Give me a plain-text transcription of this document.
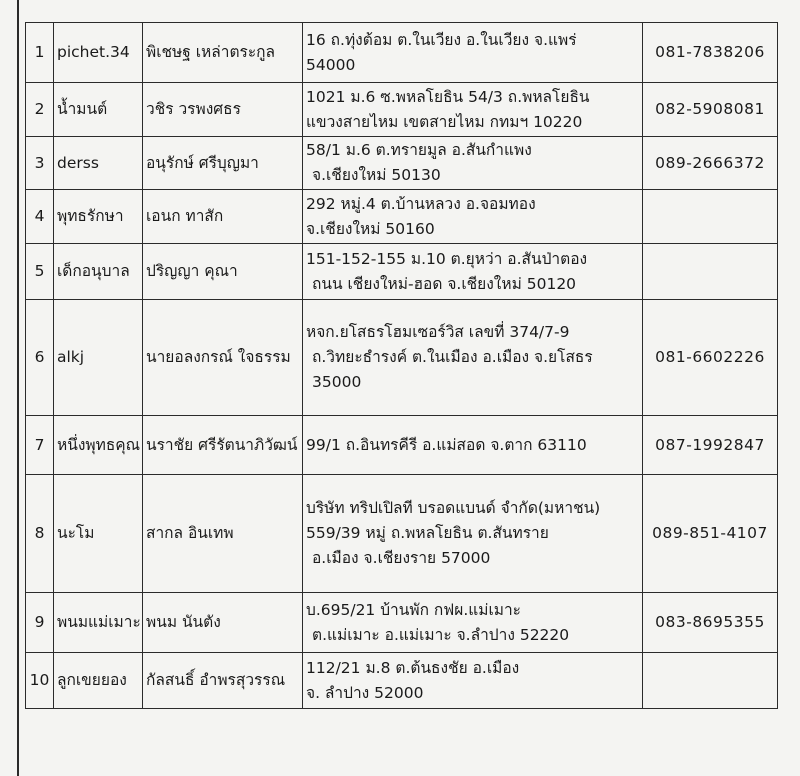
1	pichet.34	พิเชษฐ เหล่าตระกูล	16 ถ.ทุ่งต้อม ต.ในเวียง อ.ในเวียง จ.แพร่
54000	081-7838206
2	น้ำมนต์	วชิร วรพงศธร	1021 ม.6 ซ.พหลโยธิน 54/3 ถ.พหลโยธิน
แขวงสายไหม เขตสายไหม กทมฯ 10220	082-5908081
3	derss	อนุรักษ์ ศรีบุญมา	58/1 ม.6 ต.ทรายมูล อ.สันกำแพง
จ.เชียงใหม่ 50130	089-2666372
4	พุทธรักษา	เอนก ทาสัก	292 หมู่.4 ต.บ้านหลวง อ.จอมทอง
จ.เชียงใหม่ 50160	

5	เด็กอนุบาล	ปริญญา คุณา	151-152-155 ม.10 ต.ยุหว่า อ.สันป่าตอง
ถนน เชียงใหม่-ฮอด จ.เชียงใหม่ 50120	

6	alkj	นายอลงกรณ์ ใจธรรม	หจก.ยโสธรโฮมเซอร์วิส เลขที่ 374/7-9
ถ.วิทยะธำรงค์ ต.ในเมือง อ.เมือง จ.ยโสธร
35000	081-6602226
7	หนึ่งพุทธคุณ	นราชัย ศรีรัตนาภิวัฒน์	99/1 ถ.อินทรคีรี อ.แม่สอด จ.ตาก 63110	087-1992847
8	นะโม	สากล อินเทพ	บริษัท ทริปเปิลที บรอดแบนด์ จำกัด(มหาชน)
559/39 หมู่ ถ.พหลโยธิน ต.สันทราย
อ.เมือง จ.เชียงราย 57000	089-851-4107
9	พนมแม่เมาะ	พนม นันตัง	บ.695/21 บ้านพัก กฟผ.แม่เมาะ
ต.แม่เมาะ อ.แม่เมาะ จ.ลำปาง 52220	083-8695355
10	ลูกเขยยอง	กัลสนธิ์ อำพรสุวรรณ	112/21 ม.8 ต.ต้นธงชัย อ.เมือง
จ. ลำปาง 52000	
